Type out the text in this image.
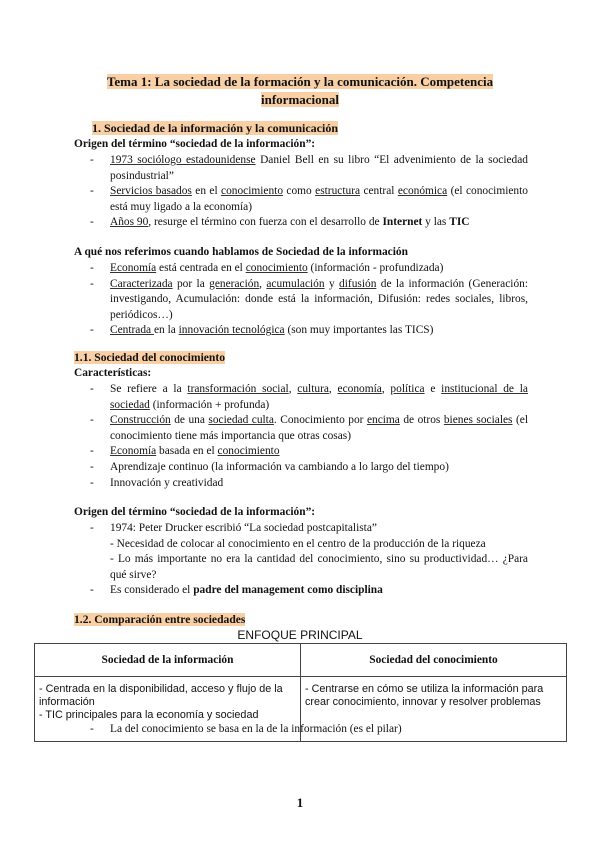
Tema 1: La sociedad de la formación y la comunicación. Competencia
informacional
1. Sociedad de la información y la comunicación
Origen del término “sociedad de la información”:
- 1973 sociólogo estadounidense Daniel Bell en su libro “El advenimiento de la sociedad posindustrial”
- Servicios basados en el conocimiento como estructura central económica (el conocimiento está muy ligado a la economía)
- Años 90, resurge el término con fuerza con el desarrollo de Internet y las TIC
A qué nos referimos cuando hablamos de Sociedad de la información
- Economía está centrada en el conocimiento (información - profundizada)
- Caracterizada por la generación, acumulación y difusión de la información (Generación: investigando, Acumulación: donde está la información, Difusión: redes sociales, libros, periódicos…)
- Centrada en la innovación tecnológica (son muy importantes las TICS)
1.1. Sociedad del conocimiento
Características:
- Se refiere a la transformación social, cultura, economía, política e institucional de la sociedad (información + profunda)
- Construcción de una sociedad culta. Conocimiento por encima de otros bienes sociales (el conocimiento tiene más importancia que otras cosas)
- Economía basada en el conocimiento
- Aprendizaje continuo (la información va cambiando a lo largo del tiempo)
- Innovación y creatividad
Origen del término “sociedad de la información”:
- 1974: Peter Drucker escribió “La sociedad postcapitalista”
- Necesidad de colocar al conocimiento en el centro de la producción de la riqueza
- Lo más importante no era la cantidad del conocimiento, sino su productividad… ¿Para qué sirve?
- Es considerado el padre del management como disciplina
1.2. Comparación entre sociedades
ENFOQUE PRINCIPAL
Sociedad de la información	Sociedad del conocimiento

- Centrada en la disponibilidad, acceso y flujo de la información
- TIC principales para la economía y sociedad	- Centrarse en cómo se utiliza la información para crear conocimiento, innovar y resolver problemas
- La del conocimiento se basa en la de la información (es el pilar)
1
